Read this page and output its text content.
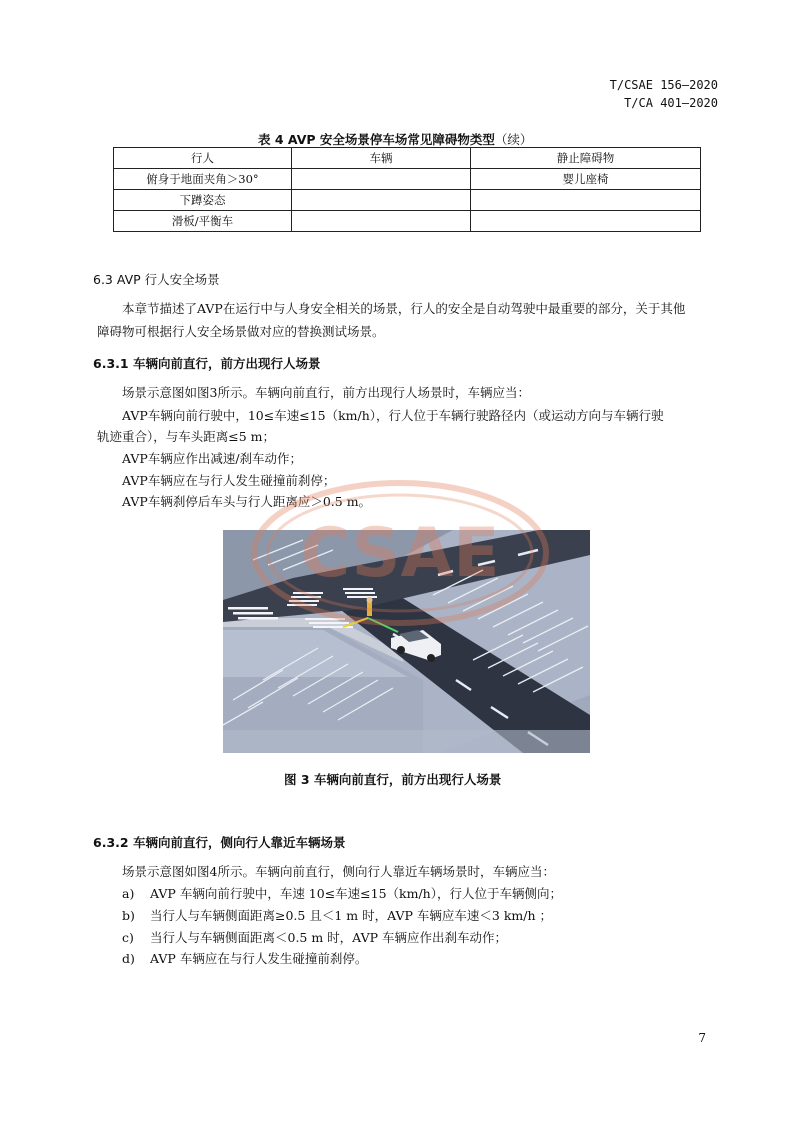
T/CSAE 156—2020
T/CA 401—2020
表 4 AVP 安全场景停车场常见障碍物类型（续）
行人	车辆	静止障碍物
俯身于地面夹角＞30°		婴儿座椅
下蹲姿态		
滑板/平衡车		
6.3 AVP 行人安全场景
本章节描述了AVP在运行中与人身安全相关的场景，行人的安全是自动驾驶中最重要的部分，关于其他障碍物可根据行人安全场景做对应的替换测试场景。
6.3.1 车辆向前直行，前方出现行人场景
场景示意图如图3所示。车辆向前直行，前方出现行人场景时，车辆应当：
AVP车辆向前行驶中，10≤车速≤15（km/h），行人位于车辆行驶路径内（或运动方向与车辆行驶
轨迹重合），与车头距离≤5 m；
AVP车辆应作出减速/刹车动作；
AVP车辆应在与行人发生碰撞前刹停；
AVP车辆刹停后车头与行人距离应＞0.5 m。
CSAE
图 3 车辆向前直行，前方出现行人场景
6.3.2 车辆向前直行，侧向行人靠近车辆场景
场景示意图如图4所示。车辆向前直行，侧向行人靠近车辆场景时，车辆应当：
a) AVP 车辆向前行驶中，车速 10≤车速≤15（km/h），行人位于车辆侧向；
b) 当行人与车辆侧面距离≥0.5 且＜1 m 时，AVP 车辆应车速＜3 km/h ；
c) 当行人与车辆侧面距离＜0.5 m 时，AVP 车辆应作出刹车动作；
d) AVP 车辆应在与行人发生碰撞前刹停。
7
